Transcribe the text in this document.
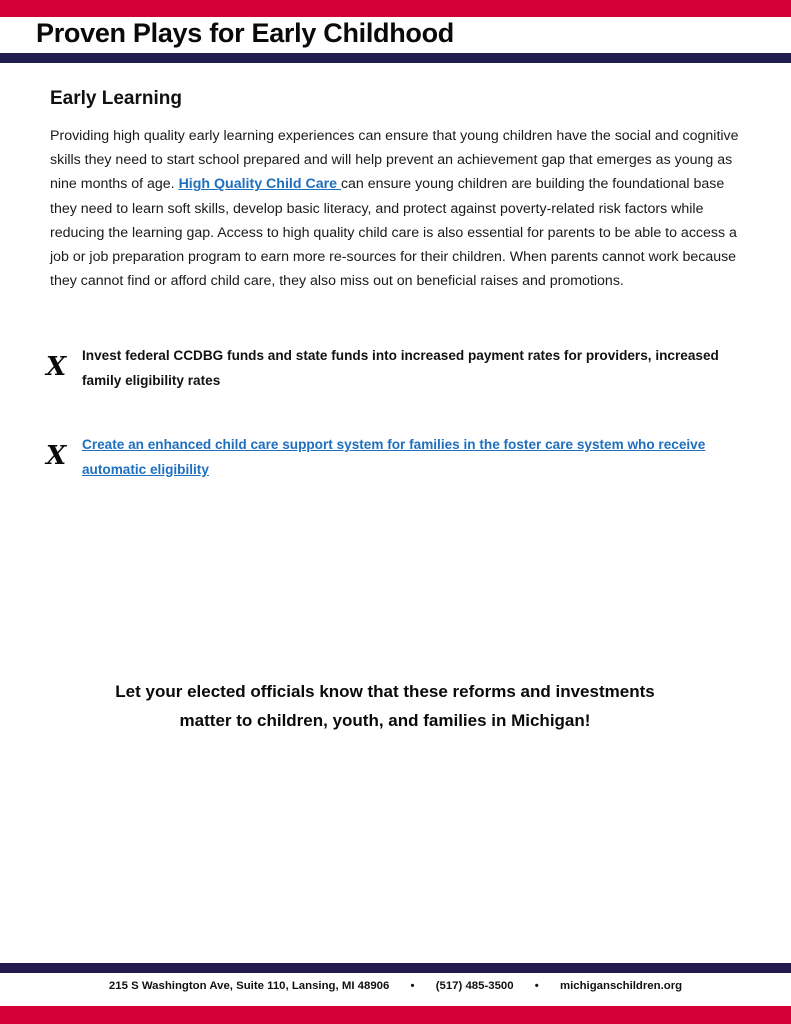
Proven Plays for Early Childhood
Early Learning

Providing high quality early learning experiences can ensure that young children have the social and cognitive skills they need to start school prepared and will help prevent an achievement gap that emerges as young as nine months of age. High Quality Child Care can ensure young children are building the foundational base they need to learn soft skills, develop basic literacy, and protect against poverty-related risk factors while reducing the learning gap. Access to high quality child care is also essential for parents to be able to access a job or job preparation program to earn more re-sources for their children. When parents cannot work because they cannot find or afford child care, they also miss out on beneficial raises and promotions.

X Invest federal CCDBG funds and state funds into increased payment rates for providers, increased family eligibility rates
X Create an enhanced child care support system for families in the foster care system who receive automatic eligibility

Let your elected officials know that these reforms and investments
matter to children, youth, and families in Michigan!

215 S Washington Ave, Suite 110, Lansing, MI 48906 • (517) 485-3500 • michiganschildren.org
